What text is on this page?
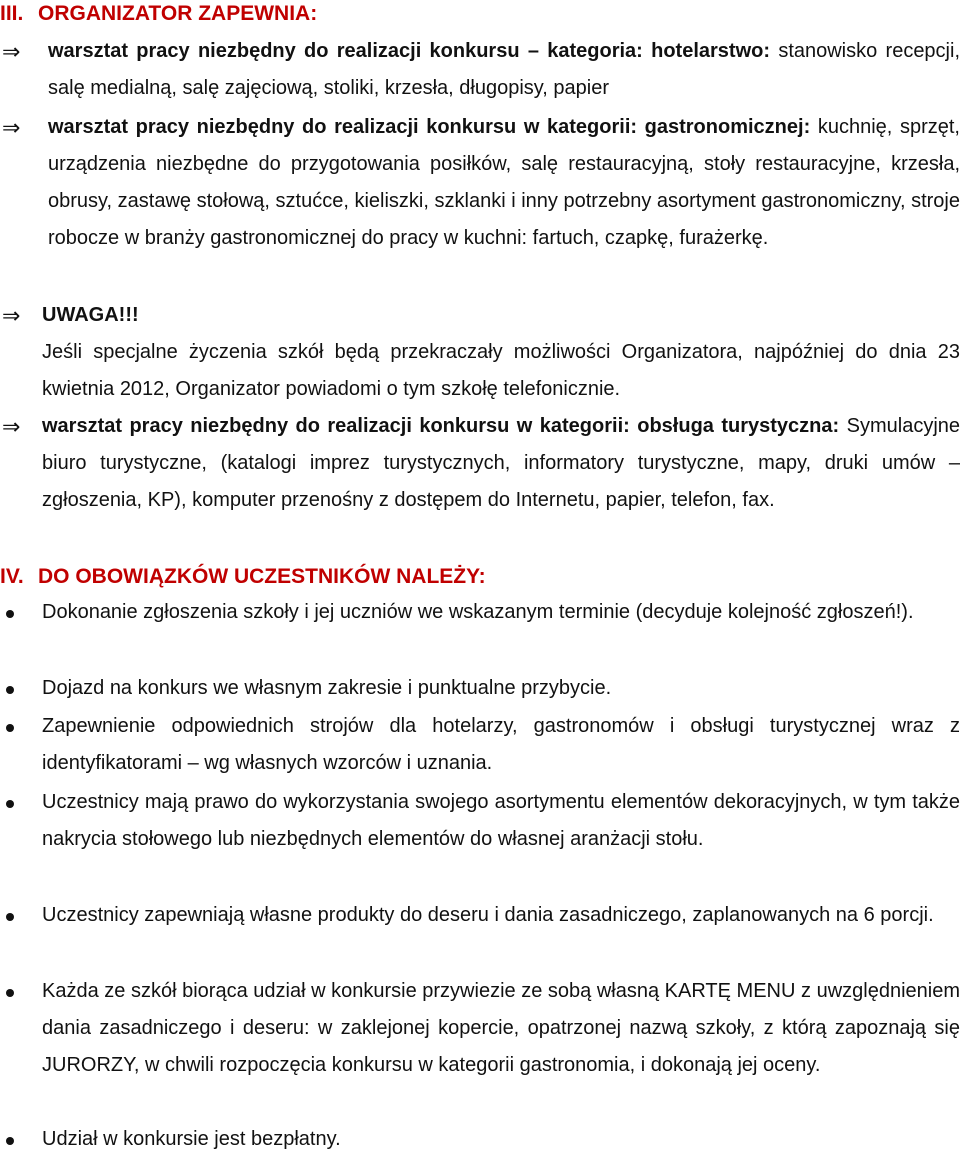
III. ORGANIZATOR ZAPEWNIA:
⇒ warsztat pracy niezbędny do realizacji konkursu – kategoria: hotelarstwo: stanowisko recepcji, salę medialną, salę zajęciową, stoliki, krzesła, długopisy, papier
⇒ warsztat pracy niezbędny do realizacji konkursu w kategorii: gastronomicznej: kuchnię, sprzęt, urządzenia niezbędne do przygotowania posiłków, salę restauracyjną, stoły restauracyjne, krzesła, obrusy, zastawę stołową, sztućce, kieliszki, szklanki i inny potrzebny asortyment gastronomiczny, stroje robocze w branży gastronomicznej do pracy w kuchni: fartuch, czapkę, furażerkę.
⇒ UWAGA!!!
Jeśli specjalne życzenia szkół będą przekraczały możliwości Organizatora, najpóźniej do dnia 23 kwietnia 2012, Organizator powiadomi o tym szkołę telefonicznie.
⇒ warsztat pracy niezbędny do realizacji konkursu w kategorii: obsługa turystyczna: Symulacyjne biuro turystyczne, (katalogi imprez turystycznych, informatory turystyczne, mapy, druki umów – zgłoszenia, KP), komputer przenośny z dostępem do Internetu, papier, telefon, fax.
IV. DO OBOWIĄZKÓW UCZESTNIKÓW NALEŻY:
Dokonanie zgłoszenia szkoły i jej uczniów we wskazanym terminie (decyduje kolejność zgłoszeń!).
Dojazd na konkurs we własnym zakresie i punktualne przybycie.
Zapewnienie odpowiednich strojów dla hotelarzy, gastronomów i obsługi turystycznej wraz z identyfikatorami – wg własnych wzorców i uznania.
Uczestnicy mają prawo do wykorzystania swojego asortymentu elementów dekoracyjnych, w tym także nakrycia stołowego lub niezbędnych elementów do własnej aranżacji stołu.
Uczestnicy zapewniają własne produkty do deseru i dania zasadniczego, zaplanowanych na 6 porcji.
Każda ze szkół biorąca udział w konkursie przywiezie ze sobą własną KARTĘ MENU z uwzględnieniem dania zasadniczego i deseru: w zaklejonej kopercie, opatrzonej nazwą szkoły, z którą zapoznają się JURORZY, w chwili rozpoczęcia konkursu w kategorii gastronomia, i dokonają jej oceny.
Udział w konkursie jest bezpłatny.
